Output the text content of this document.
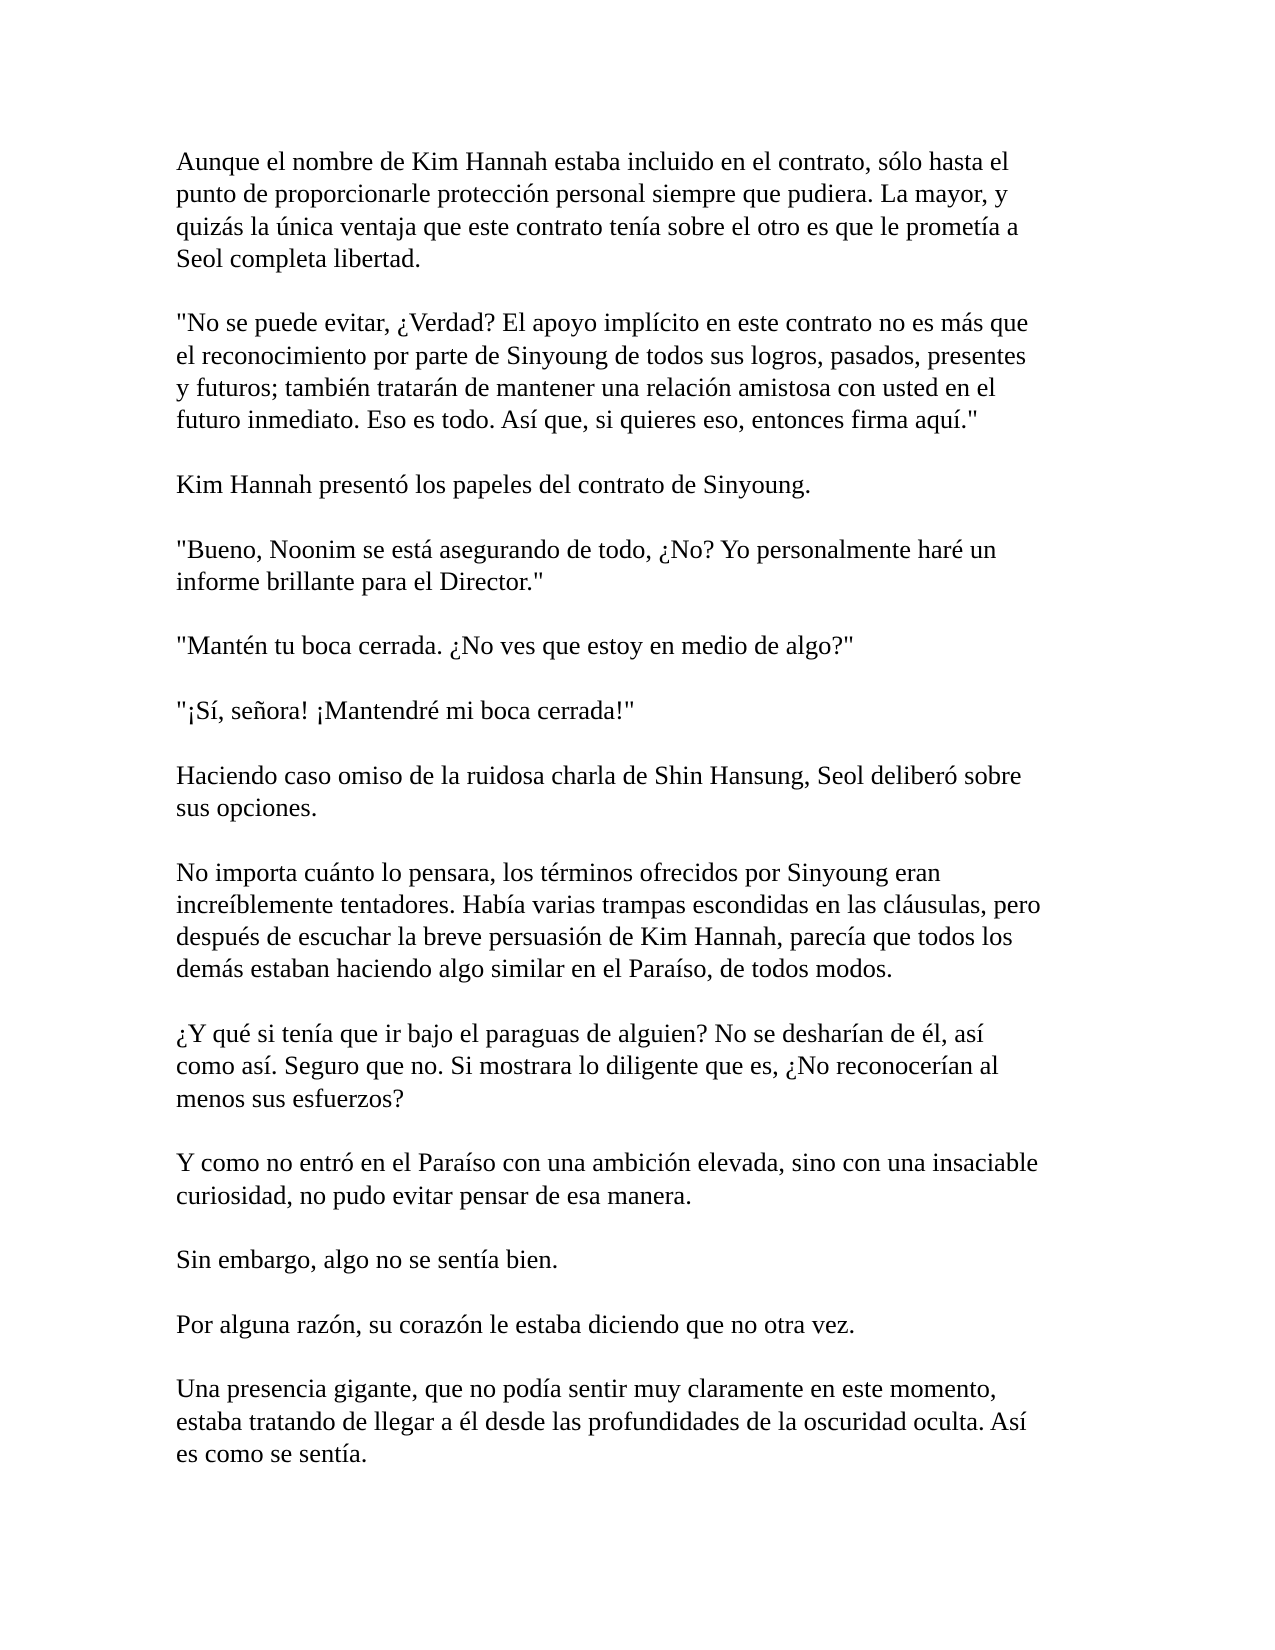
Aunque el nombre de Kim Hannah estaba incluido en el contrato, sólo hasta el
punto de proporcionarle protección personal siempre que pudiera. La mayor, y
quizás la única ventaja que este contrato tenía sobre el otro es que le prometía a
Seol completa libertad.

"No se puede evitar, ¿Verdad? El apoyo implícito en este contrato no es más que
el reconocimiento por parte de Sinyoung de todos sus logros, pasados, presentes
y futuros; también tratarán de mantener una relación amistosa con usted en el
futuro inmediato. Eso es todo. Así que, si quieres eso, entonces firma aquí."

Kim Hannah presentó los papeles del contrato de Sinyoung.

"Bueno, Noonim se está asegurando de todo, ¿No? Yo personalmente haré un
informe brillante para el Director."

"Mantén tu boca cerrada. ¿No ves que estoy en medio de algo?"

"¡Sí, señora! ¡Mantendré mi boca cerrada!"

Haciendo caso omiso de la ruidosa charla de Shin Hansung, Seol deliberó sobre
sus opciones.

No importa cuánto lo pensara, los términos ofrecidos por Sinyoung eran
increíblemente tentadores. Había varias trampas escondidas en las cláusulas, pero
después de escuchar la breve persuasión de Kim Hannah, parecía que todos los
demás estaban haciendo algo similar en el Paraíso, de todos modos.

¿Y qué si tenía que ir bajo el paraguas de alguien? No se desharían de él, así
como así. Seguro que no. Si mostrara lo diligente que es, ¿No reconocerían al
menos sus esfuerzos?

Y como no entró en el Paraíso con una ambición elevada, sino con una insaciable
curiosidad, no pudo evitar pensar de esa manera.

Sin embargo, algo no se sentía bien.

Por alguna razón, su corazón le estaba diciendo que no otra vez.

Una presencia gigante, que no podía sentir muy claramente en este momento,
estaba tratando de llegar a él desde las profundidades de la oscuridad oculta. Así
es como se sentía.
